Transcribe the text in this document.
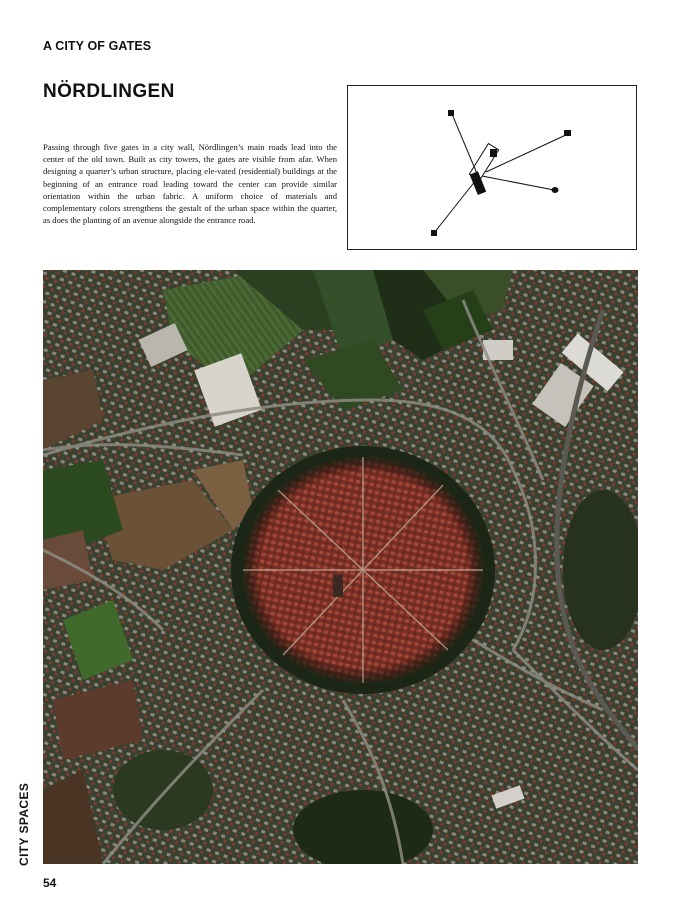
A CITY OF GATES
NÖRDLINGEN

Passing through five gates in a city wall, Nördlingen’s main roads lead into the center of the old town. Built as city towers, the gates are visible from afar. When designing a quarter’s urban structure, placing ele-vated (residential) buildings at the beginning of an entrance road leading toward the center can provide similar orientation within the urban fabric. A uniform choice of materials and complementary colors strengthens the gestalt of the urban space within the quarter, as does the planting of an avenue alongside the entrance road.

CITY SPACES
54
